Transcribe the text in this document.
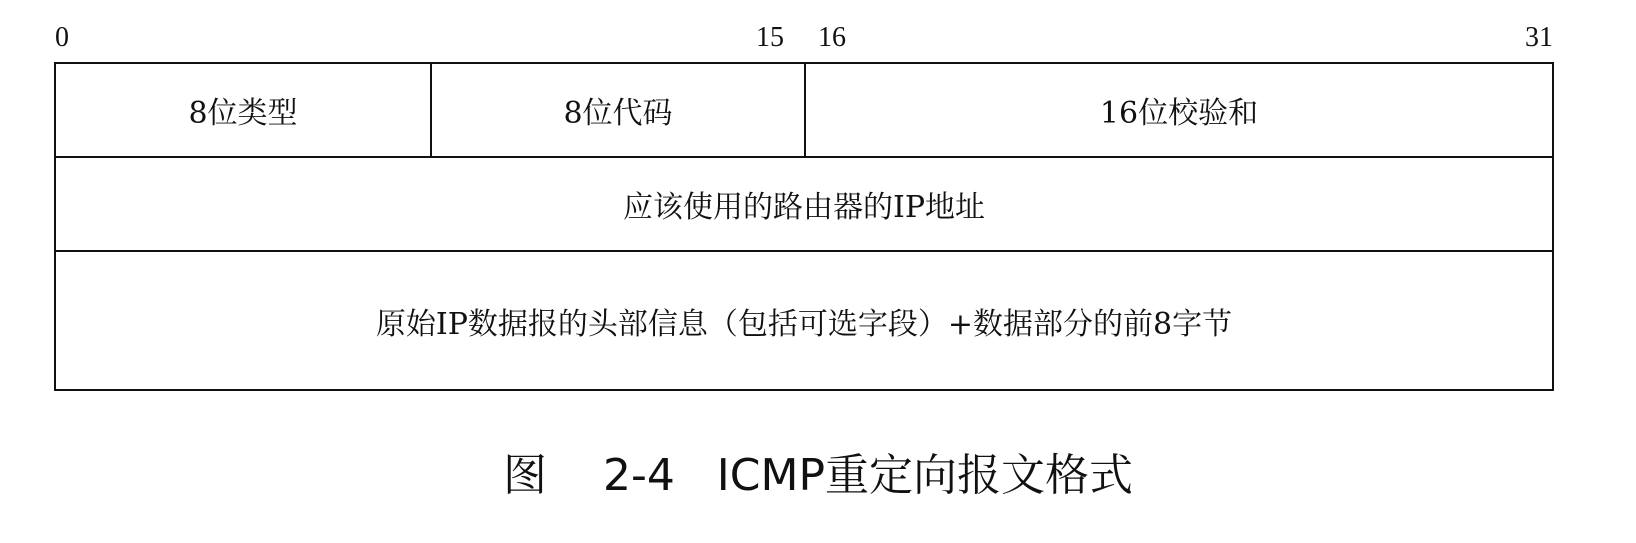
0	15 16	31
8位类型	8位代码	16位校验和
应该使用的路由器的IP地址
原始IP数据报的头部信息（包括可选字段）+数据部分的前8字节
图 2-4 ICMP重定向报文格式
